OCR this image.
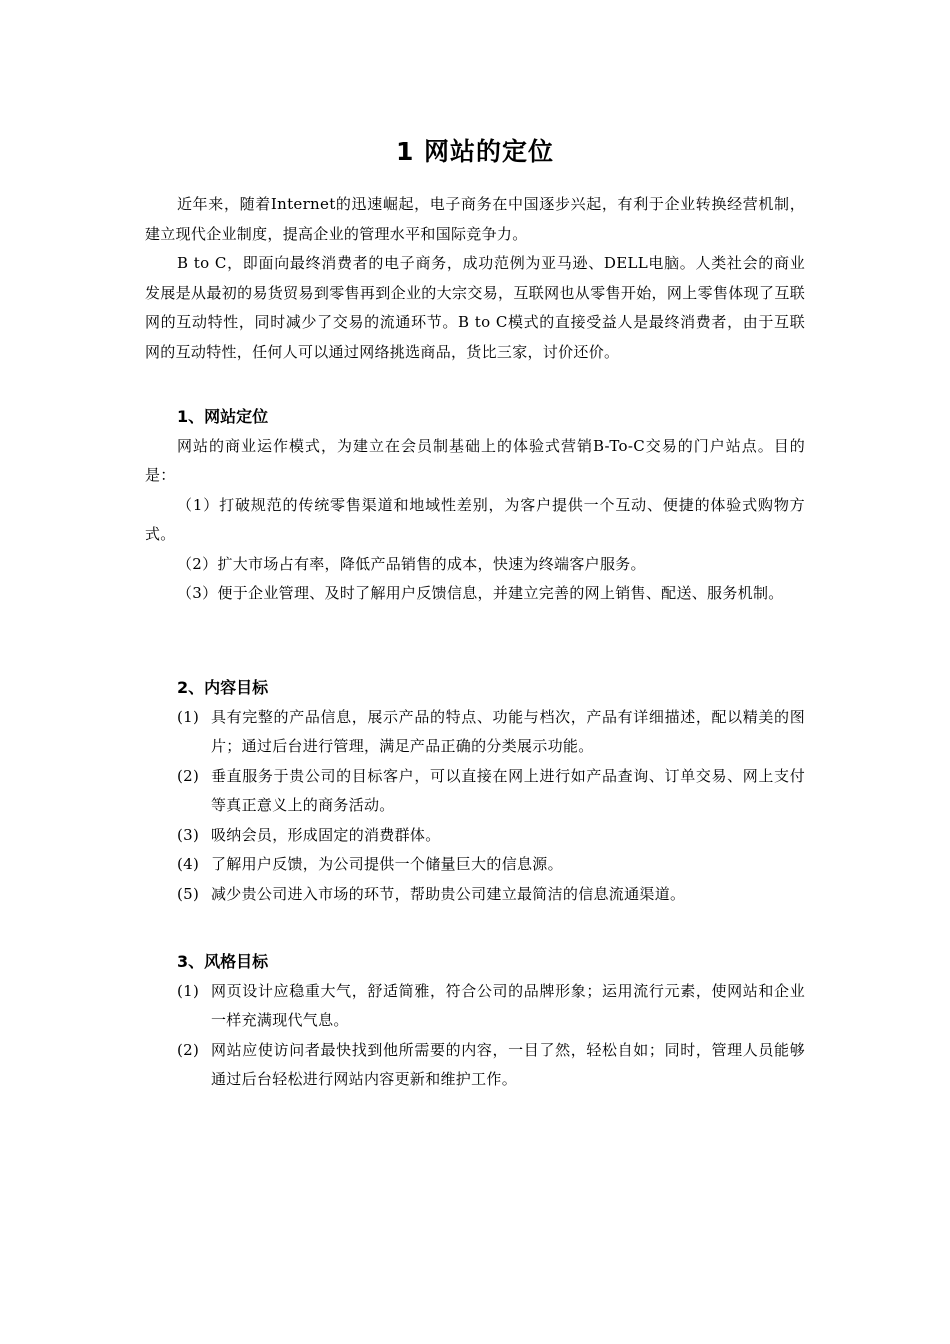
1 网站的定位

近年来，随着Internet的迅速崛起，电子商务在中国逐步兴起，有利于企业转换经营机制，建立现代企业制度，提高企业的管理水平和国际竞争力。

B to C，即面向最终消费者的电子商务，成功范例为亚马逊、DELL电脑。人类社会的商业发展是从最初的易货贸易到零售再到企业的大宗交易，互联网也从零售开始，网上零售体现了互联网的互动特性，同时减少了交易的流通环节。B to C模式的直接受益人是最终消费者，由于互联网的互动特性，任何人可以通过网络挑选商品，货比三家，讨价还价。

1、网站定位

网站的商业运作模式，为建立在会员制基础上的体验式营销B-To-C交易的门户站点。目的是：

（1）打破规范的传统零售渠道和地域性差别，为客户提供一个互动、便捷的体验式购物方式。

（2）扩大市场占有率，降低产品销售的成本，快速为终端客户服务。

（3）便于企业管理、及时了解用户反馈信息，并建立完善的网上销售、配送、服务机制。

2、内容目标

(1) 具有完整的产品信息，展示产品的特点、功能与档次，产品有详细描述，配以精美的图片；通过后台进行管理，满足产品正确的分类展示功能。

(2) 垂直服务于贵公司的目标客户，可以直接在网上进行如产品查询、订单交易、网上支付等真正意义上的商务活动。

(3) 吸纳会员，形成固定的消费群体。

(4) 了解用户反馈，为公司提供一个储量巨大的信息源。

(5) 减少贵公司进入市场的环节，帮助贵公司建立最简洁的信息流通渠道。

3、风格目标

(1) 网页设计应稳重大气，舒适简雅，符合公司的品牌形象；运用流行元素，使网站和企业一样充满现代气息。

(2) 网站应使访问者最快找到他所需要的内容，一目了然，轻松自如；同时，管理人员能够通过后台轻松进行网站内容更新和维护工作。
